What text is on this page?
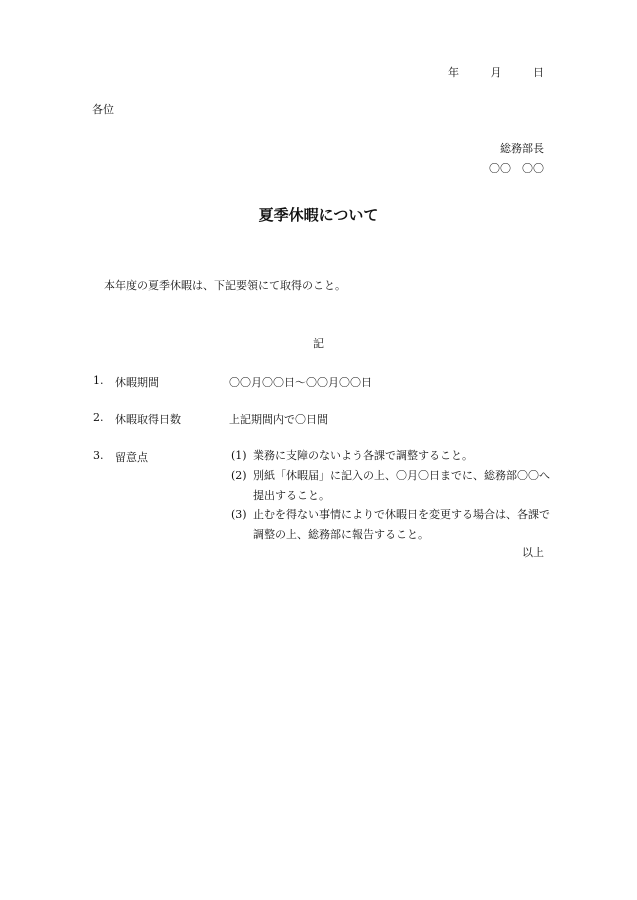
年	月	日
各位
総務部長
〇〇　〇〇
夏季休暇について
本年度の夏季休暇は、下記要領にて取得のこと。
記
1. 休暇期間	〇〇月〇〇日～〇〇月〇〇日
2. 休暇取得日数	上記期間内で〇日間
3. 留意点	(1) 業務に支障のないよう各課で調整すること。
(2) 別紙「休暇届」に記入の上、〇月〇日までに、総務部〇〇へ提出すること。
(3) 止むを得ない事情によりで休暇日を変更する場合は、各課で調整の上、総務部に報告すること。
以上
